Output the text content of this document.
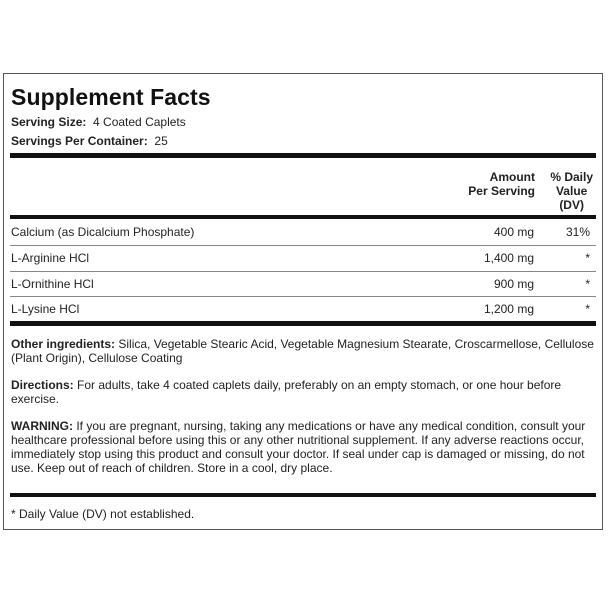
Supplement Facts
Serving Size: 4 Coated Caplets
Servings Per Container: 25
Amount
Per Serving
% Daily
Value
(DV)
Calcium (as Dicalcium Phosphate)	400 mg	31%
L-Arginine HCl	1,400 mg	*
L-Ornithine HCl	900 mg	*
L-Lysine HCl	1,200 mg	*
Other ingredients: Silica, Vegetable Stearic Acid, Vegetable Magnesium Stearate, Croscarmellose, Cellulose (Plant Origin), Cellulose Coating
Directions: For adults, take 4 coated caplets daily, preferably on an empty stomach, or one hour before exercise.
WARNING: If you are pregnant, nursing, taking any medications or have any medical condition, consult your healthcare professional before using this or any other nutritional supplement. If any adverse reactions occur, immediately stop using this product and consult your doctor. If seal under cap is damaged or missing, do not use. Keep out of reach of children. Store in a cool, dry place.
* Daily Value (DV) not established.
